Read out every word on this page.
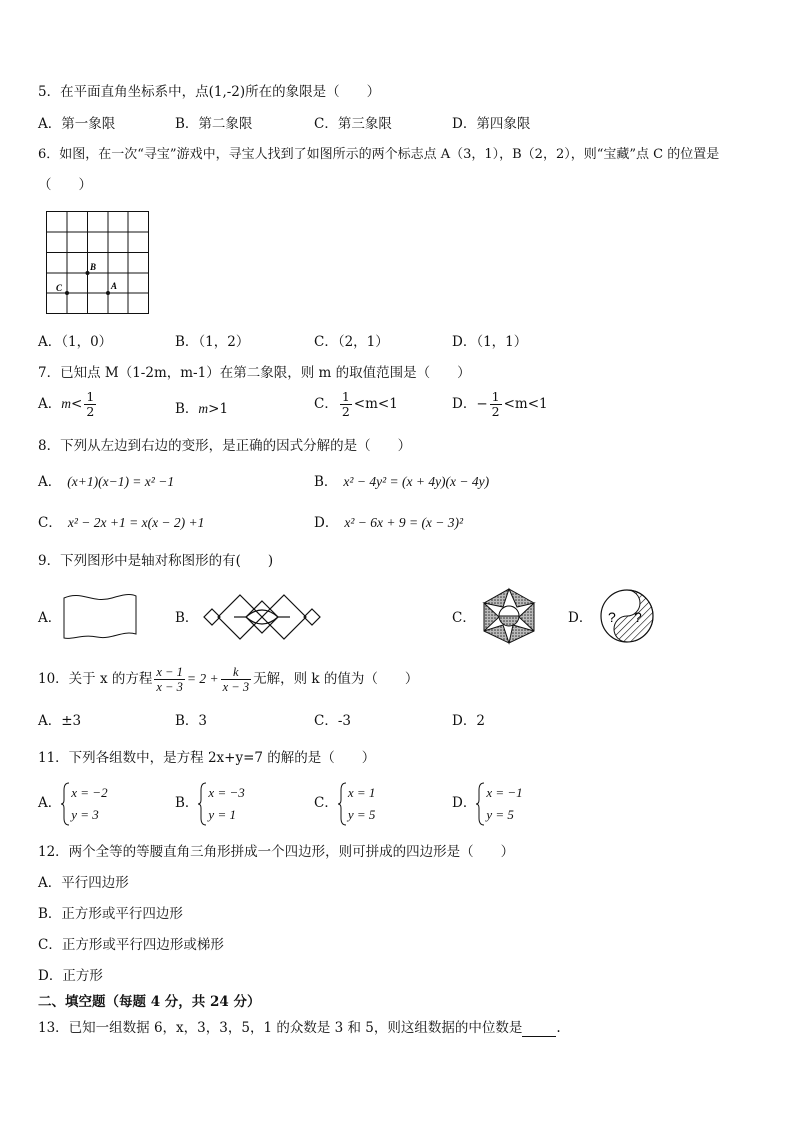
5．在平面直角坐标系中，点(1,-2)所在的象限是（　　）
A．第一象限	B．第二象限	C．第三象限	D．第四象限
6．如图，在一次“寻宝”游戏中，寻宝人找到了如图所示的两个标志点 A（3，1），B（2，2），则“宝藏”点 C 的位置是
（　　）
C
B
A
A．（1，0）	B．（1，2）	C．（2，1）	D．（1，1）
7．已知点 M（1-2m，m-1）在第二象限，则 m 的取值范围是（　　）
A．$m< \frac{1}{2}$	B．m>1	C． $\frac{1}{2} <m<1$	D．− $\frac{1}{2} <m<1$
8．下列从左边到右边的变形，是正确的因式分解的是（　　）
A． (x+1)(x−1) = x² −1	B． x² − 4y² = (x + 4y)(x − 4y)
C． x² − 2x +1 = x(x − 2) +1	D． x² − 6x + 9 = (x − 3)²
9．下列图形中是轴对称图形的有(　　)
A．	B．	C．	D． ? ?
10．关于 x 的方程 $\frac{x - 1}{x - 3} = 2 + \frac{k}{x - 3}$ 无解，则 k 的值为（　　）
A．±3	B．3	C．-3	D．2
11．下列各组数中，是方程 2x+y=7 的解的是（　　）
A．
x = −2
y = 3
B．
x = −3
y = 1
C．
x = 1
y = 5
D．
x = −1
y = 5
12．两个全等的等腰直角三角形拼成一个四边形，则可拼成的四边形是（　　）
A．平行四边形
B．正方形或平行四边形
C．正方形或平行四边形或梯形
D．正方形
二、填空题（每题 4 分，共 24 分）
13．已知一组数据 6，x，3，3，5，1 的众数是 3 和 5，则这组数据的中位数是	.
